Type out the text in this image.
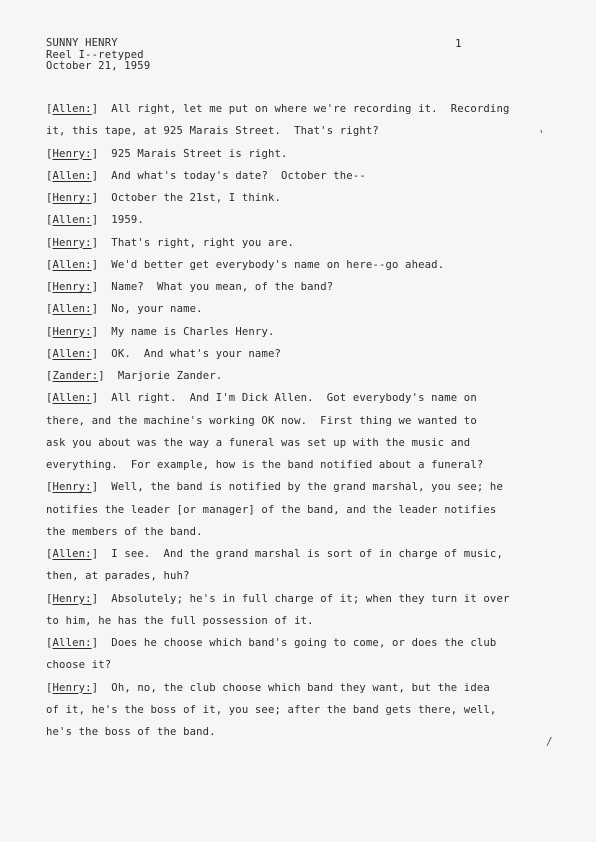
SUNNY HENRY
Reel I--retyped
October 21, 1959
1
[Allen:]  All right, let me put on where we're recording it.  Recording
it, this tape, at 925 Marais Street.  That's right?
[Henry:]  925 Marais Street is right.
[Allen:]  And what's today's date?  October the--
[Henry:]  October the 21st, I think.
[Allen:]  1959.
[Henry:]  That's right, right you are.
[Allen:]  We'd better get everybody's name on here--go ahead.
[Henry:]  Name?  What you mean, of the band?
[Allen:]  No, your name.
[Henry:]  My name is Charles Henry.
[Allen:]  OK.  And what's your name?
[Zander:]  Marjorie Zander.
[Allen:]  All right.  And I'm Dick Allen.  Got everybody's name on
there, and the machine's working OK now.  First thing we wanted to
ask you about was the way a funeral was set up with the music and
everything.  For example, how is the band notified about a funeral?
[Henry:]  Well, the band is notified by the grand marshal, you see; he
notifies the leader [or manager] of the band, and the leader notifies
the members of the band.
[Allen:]  I see.  And the grand marshal is sort of in charge of music,
then, at parades, huh?
[Henry:]  Absolutely; he's in full charge of it; when they turn it over
to him, he has the full possession of it.
[Allen:]  Does he choose which band's going to come, or does the club
choose it?
[Henry:]  Oh, no, the club choose which band they want, but the idea
of it, he's the boss of it, you see; after the band gets there, well,
he's the boss of the band.
'
/
